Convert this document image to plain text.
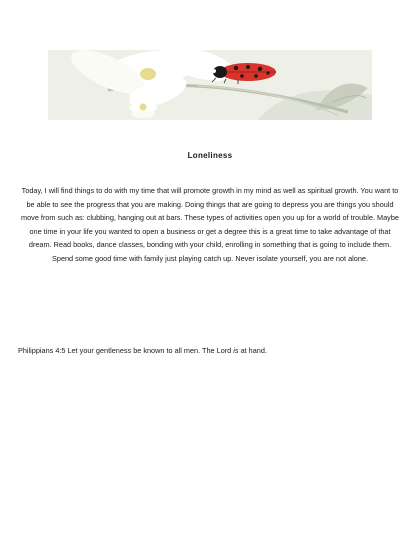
Loneliness
Today, I will find things to do with my time that will promote growth in my mind as well as spiritual growth. You want to be able to see the progress that you are making. Doing things that are going to depress you are things you should move from such as: clubbing, hanging out at bars. These types of activities open you up for a world of trouble. Maybe one time in your life you wanted to open a business or get a degree this is a great time to take advantage of that dream. Read books, dance classes, bonding with your child, enrolling in something that is going to include them. Spend some good time with family just playing catch up. Never isolate yourself, you are not alone.
Philippians 4:5 Let your gentleness be known to all men. The Lord is at hand.
